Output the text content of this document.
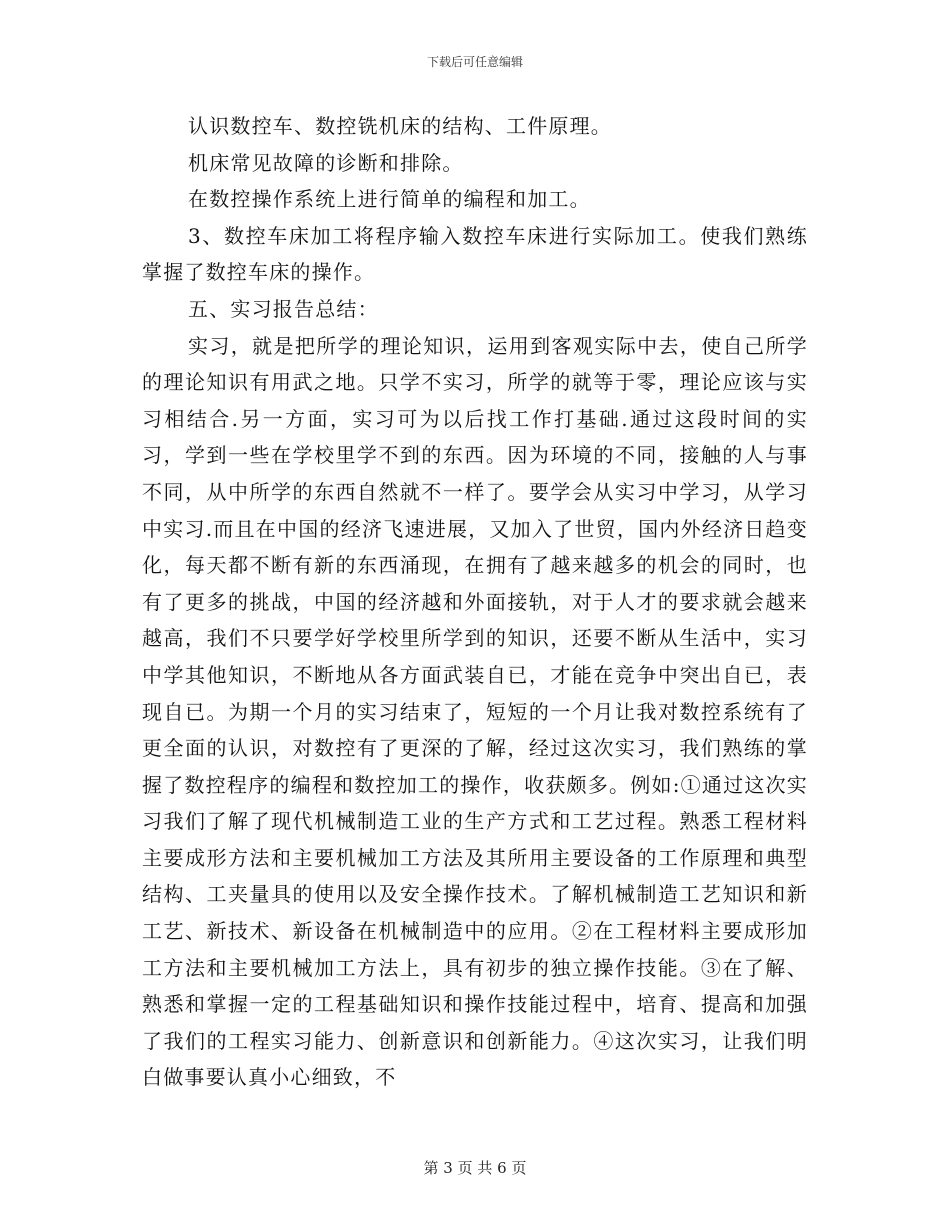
下载后可任意编辑

认识数控车、数控铣机床的结构、工件原理。

机床常见故障的诊断和排除。

在数控操作系统上进行简单的编程和加工。

3、数控车床加工将程序输入数控车床进行实际加工。使我们熟练掌握了数控车床的操作。

五、实习报告总结：

实习，就是把所学的理论知识，运用到客观实际中去，使自己所学的理论知识有用武之地。只学不实习，所学的就等于零，理论应该与实习相结合.另一方面，实习可为以后找工作打基础.通过这段时间的实习，学到一些在学校里学不到的东西。因为环境的不同，接触的人与事不同，从中所学的东西自然就不一样了。要学会从实习中学习，从学习中实习.而且在中国的经济飞速进展，又加入了世贸，国内外经济日趋变化，每天都不断有新的东西涌现，在拥有了越来越多的机会的同时，也有了更多的挑战，中国的经济越和外面接轨，对于人才的要求就会越来越高，我们不只要学好学校里所学到的知识，还要不断从生活中，实习中学其他知识，不断地从各方面武装自已，才能在竞争中突出自已，表现自已。为期一个月的实习结束了，短短的一个月让我对数控系统有了更全面的认识，对数控有了更深的了解，经过这次实习，我们熟练的掌握了数控程序的编程和数控加工的操作，收获颇多。例如:①通过这次实习我们了解了现代机械制造工业的生产方式和工艺过程。熟悉工程材料主要成形方法和主要机械加工方法及其所用主要设备的工作原理和典型结构、工夹量具的使用以及安全操作技术。了解机械制造工艺知识和新工艺、新技术、新设备在机械制造中的应用。②在工程材料主要成形加工方法和主要机械加工方法上，具有初步的独立操作技能。③在了解、熟悉和掌握一定的工程基础知识和操作技能过程中，培育、提高和加强了我们的工程实习能力、创新意识和创新能力。④这次实习，让我们明白做事要认真小心细致，不

第 3 页 共 6 页
